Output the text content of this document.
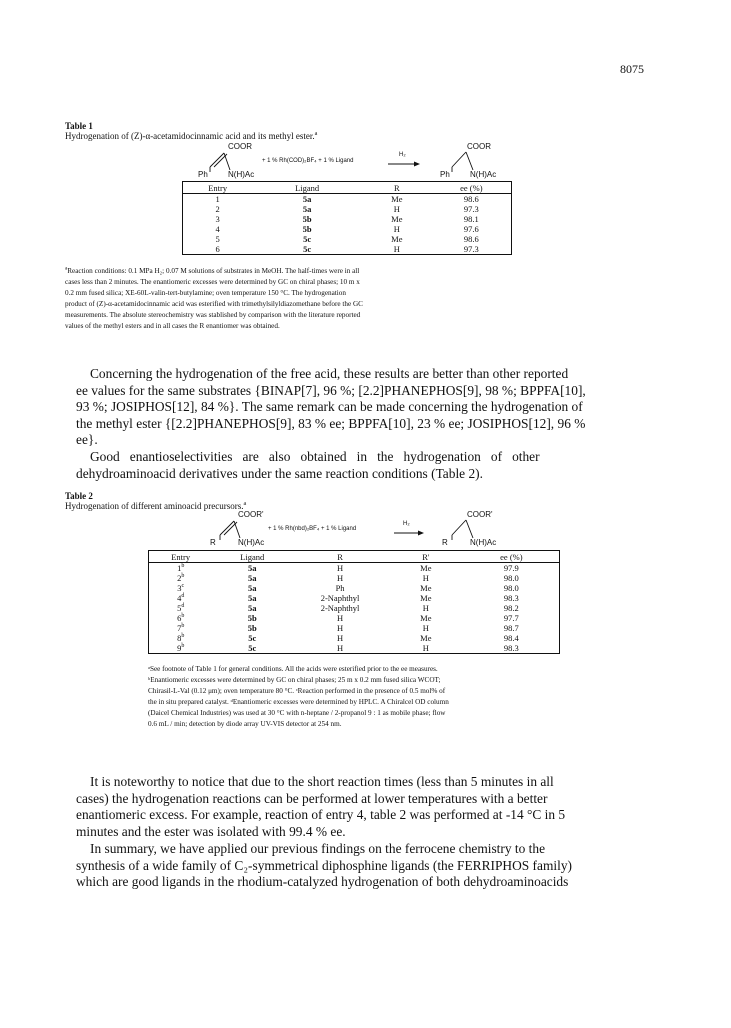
8075
Table 1
Hydrogenation of (Z)-α-acetamidocinnamic acid and its methyl ester.$^a$
COOR
Ph	N(H)Ac
+ 1 % Rh(COD)₂BF₄ + 1 % Ligand
H₂
COOR
Ph	N(H)Ac
Entry	Ligand	R	ee (%)
1	5a	Me	98.6
2	5a	H	97.3
3	5b	Me	98.1
4	5b	H	97.6
5	5c	Me	98.6
6	5c	H	97.3
$^a$Reaction conditions: 0.1 MPa H₂; 0.07 M solutions of substrates in MeOH. The half-times were in all
cases less than 2 minutes. The enantiomeric excesses were determined by GC on chiral phases; 10 m x
0.2 mm fused silica; XE-60L-valin-tert-butylamine; oven temperature 150 °C. The hydrogenation
product of (Z)-α-acetamidocinnamic acid was esterified with trimethylsilyldiazomethane before the GC
measurements. The absolute stereochemistry was stablished by comparison with the literature reported
values of the methyl esters and in all cases the R enantiomer was obtained.
Concerning the hydrogenation of the free acid, these results are better than other reported
ee values for the same substrates {BINAP[7], 96 %; [2.2]PHANEPHOS[9], 98 %; BPPFA[10],
93 %; JOSIPHOS[12], 84 %}. The same remark can be made concerning the hydrogenation of
the methyl ester {[2.2]PHANEPHOS[9], 83 % ee; BPPFA[10], 23 % ee; JOSIPHOS[12], 96 %
ee}.
Good   enantioselectivities   are   also   obtained   in   the   hydrogenation   of   other
dehydroaminoacid derivatives under the same reaction conditions (Table 2).
Table 2
Hydrogenation of different aminoacid precursors.$^a$
COOR'
R	N(H)Ac
+ 1 % Rh(nbd)₂BF₄ + 1 % Ligand
H₂
COOR'
R	N(H)Ac
Entry	Ligand	R	R'	ee (%)
1$^b$	5a	H	Me	97.9
2$^b$	5a	H	H	98.0
3$^c$	5a	Ph	Me	98.0
4$^d$	5a	2-Naphthyl	Me	98.3
5$^d$	5a	2-Naphthyl	H	98.2
6$^b$	5b	H	Me	97.7
7$^b$	5b	H	H	98.7
8$^b$	5c	H	Me	98.4
9$^b$	5c	H	H	98.3
ᵃSee footnote of Table 1 for general conditions. All the acids were esterified prior to the ee measures.
ᵇEnantiomeric excesses were determined by GC on chiral phases; 25 m x 0.2 mm fused silica WCOT;
Chirasil-L-Val (0.12 μm); oven temperature 80 °C. ᶜReaction performed in the presence of 0.5 mol% of
the in situ prepared catalyst. ᵈEnantiomeric excesses were determined by HPLC. A Chiralcel OD column
(Daicel Chemical Industries) was used at 30 °C with n-heptane / 2-propanol 9 : 1 as mobile phase; flow
0.6 mL / min; detection by diode array UV-VIS detector at 254 nm.
It is noteworthy to notice that due to the short reaction times (less than 5 minutes in all
cases) the hydrogenation reactions can be performed at lower temperatures with a better
enantiomeric excess. For example, reaction of entry 4, table 2 was performed at -14 °C in 5
minutes and the ester was isolated with 99.4 % ee.
In summary, we have applied our previous findings on the ferrocene chemistry to the
synthesis of a wide family of C₂-symmetrical diphosphine ligands (the FERRIPHOS family)
which are good ligands in the rhodium-catalyzed hydrogenation of both dehydroaminoacids
